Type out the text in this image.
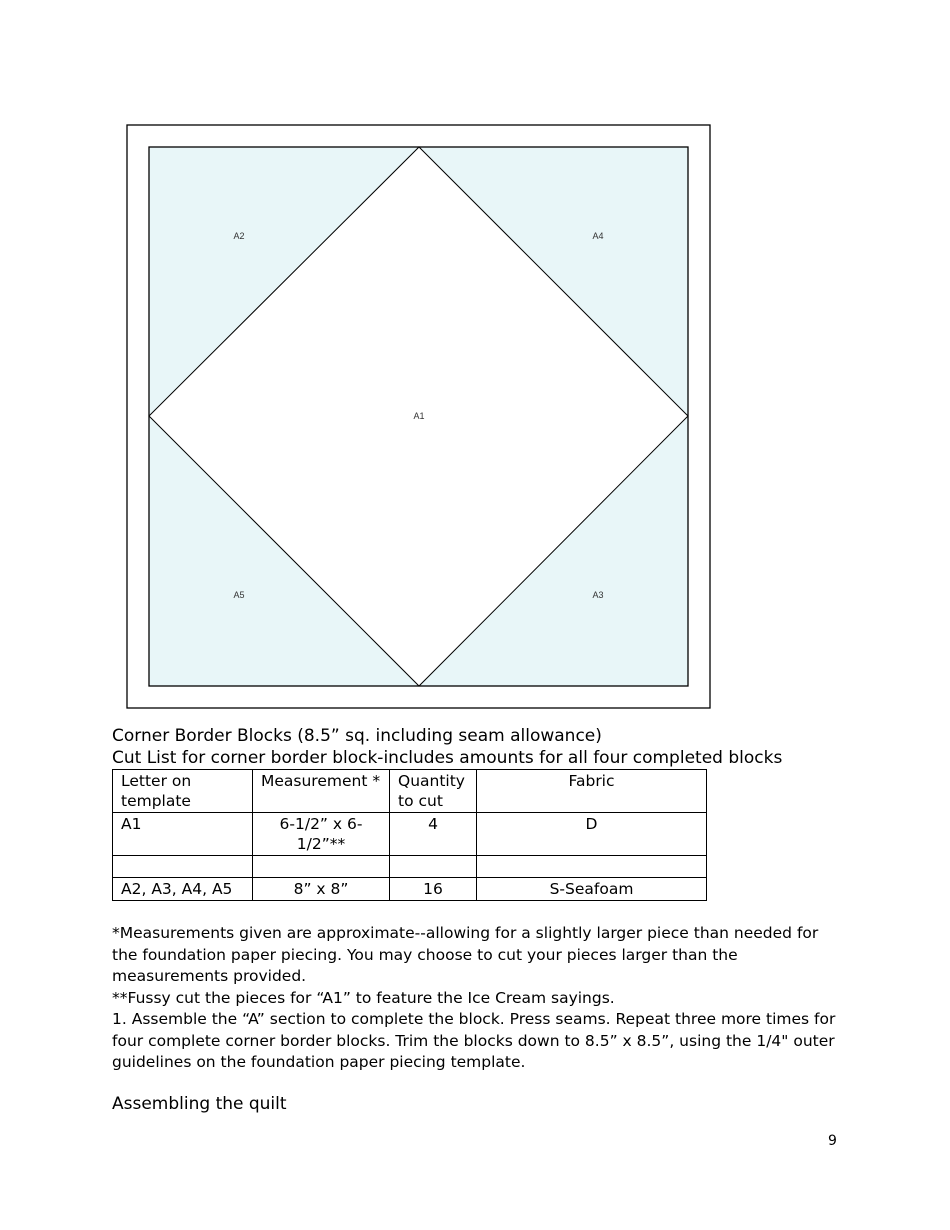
A2	A4
A1
A5	A3
Corner Border Blocks (8.5” sq. including seam allowance)
Cut List for corner border block-includes amounts for all four completed blocks
Letter on template	Measurement *	Quantity to cut	Fabric
A1	6-1/2” x 6-1/2”**	4	D

A2, A3, A4, A5	8” x 8”	16	S-Seafoam

*Measurements given are approximate--allowing for a slightly larger piece than needed for the foundation paper piecing. You may choose to cut your pieces larger than the measurements provided.

**Fussy cut the pieces for “A1” to feature the Ice Cream sayings.

1. Assemble the “A” section to complete the block. Press seams. Repeat three more times for four complete corner border blocks. Trim the blocks down to 8.5” x 8.5”, using the 1/4" outer guidelines on the foundation paper piecing template.

Assembling the quilt
9
